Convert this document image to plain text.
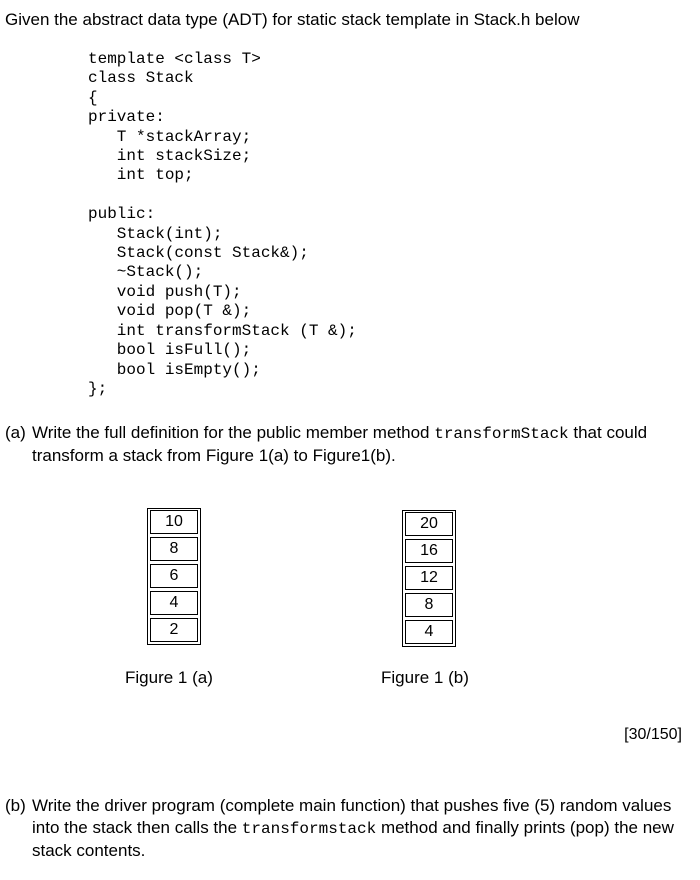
Given the abstract data type (ADT) for static stack template in Stack.h below
template <class T>
class Stack
{
private:
T *stackArray;
int stackSize;
int top;

public:
Stack(int);
Stack(const Stack&);
~Stack();
void push(T);
void pop(T &);
int transformStack (T &);
bool isFull();
bool isEmpty();
};
(a) Write the full definition for the public member method transformStack that could transform a stack from Figure 1(a) to Figure1(b).
10
8
6
4
2
Figure 1 (a)
20
16
12
8
4
Figure 1 (b)
[30/150]
(b) Write the driver program (complete main function) that pushes five (5) random values into the stack then calls the transformstack method and finally prints (pop) the new stack contents.
